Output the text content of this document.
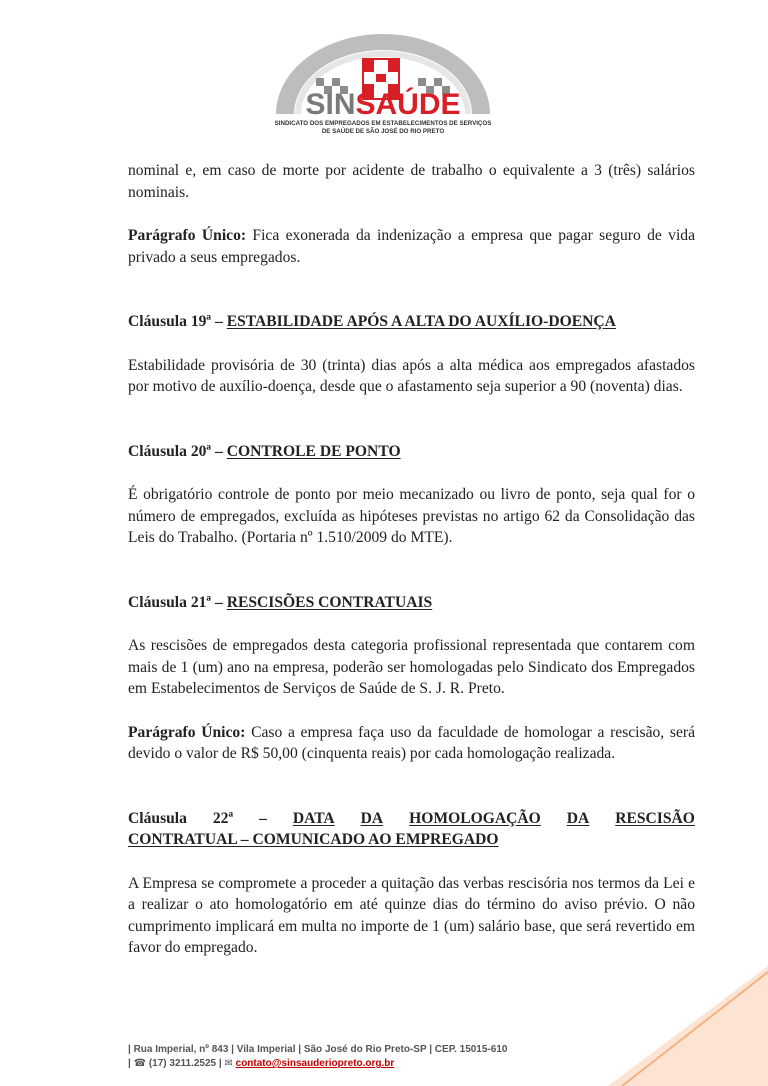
SINSAÚDE
SINDICATO DOS EMPREGADOS EM ESTABELECIMENTOS DE SERVIÇOS
DE SAÚDE DE SÃO JOSÉ DO RIO PRETO

nominal e, em caso de morte por acidente de trabalho o equivalente a 3 (três) salários nominais.

Parágrafo Único: Fica exonerada da indenização a empresa que pagar seguro de vida privado a seus empregados.

Cláusula 19ª – ESTABILIDADE APÓS A ALTA DO AUXÍLIO-DOENÇA

Estabilidade provisória de 30 (trinta) dias após a alta médica aos empregados afastados por motivo de auxílio-doença, desde que o afastamento seja superior a 90 (noventa) dias.

Cláusula 20ª – CONTROLE DE PONTO

É obrigatório controle de ponto por meio mecanizado ou livro de ponto, seja qual for o número de empregados, excluída as hipóteses previstas no artigo 62 da Consolidação das Leis do Trabalho. (Portaria nº 1.510/2009 do MTE).

Cláusula 21ª – RESCISÕES CONTRATUAIS

As rescisões de empregados desta categoria profissional representada que contarem com mais de 1 (um) ano na empresa, poderão ser homologadas pelo Sindicato dos Empregados em Estabelecimentos de Serviços de Saúde de S. J. R. Preto.

Parágrafo Único: Caso a empresa faça uso da faculdade de homologar a rescisão, será devido o valor de R$ 50,00 (cinquenta reais) por cada homologação realizada.

Cláusula 22ª – DATA DA HOMOLOGAÇÃO DA RESCISÃO
CONTRATUAL – COMUNICADO AO EMPREGADO

A Empresa se compromete a proceder a quitação das verbas rescisória nos termos da Lei e a realizar o ato homologatório em até quinze dias do término do aviso prévio. O não cumprimento implicará em multa no importe de 1 (um) salário base, que será revertido em favor do empregado.

| Rua Imperial, nº 843 | Vila Imperial | São José do Rio Preto-SP | CEP. 15015-610
| ☎ (17) 3211.2525 | ✉ contato@sinsauderiopreto.org.br
